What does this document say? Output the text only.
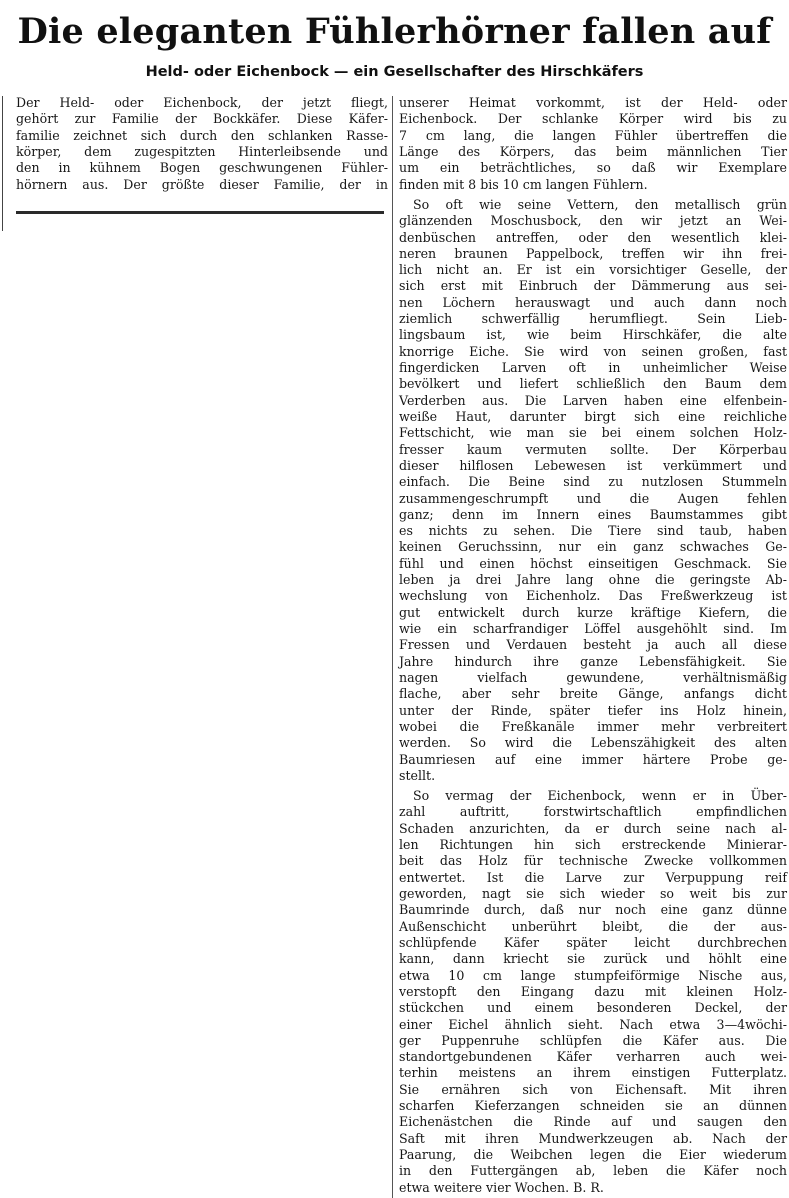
Die eleganten Fühlerhörner fallen auf
Held- oder Eichenbock — ein Gesellschafter des Hirschkäfers
Der Held- oder Eichenbock, der jetzt fliegt,
gehört zur Familie der Bockkäfer. Diese Käfer-
familie zeichnet sich durch den schlanken Rasse-
körper, dem zugespitzten Hinterleibsende und
den in kühnem Bogen geschwungenen Fühler-
hörnern aus. Der größte dieser Familie, der in
unserer Heimat vorkommt, ist der Held- oder
Eichenbock. Der schlanke Körper wird bis zu
7 cm lang, die langen Fühler übertreffen die
Länge des Körpers, das beim männlichen Tier
um ein beträchtliches, so daß wir Exemplare
finden mit 8 bis 10 cm langen Fühlern.
So oft wie seine Vettern, den metallisch grün
glänzenden Moschusbock, den wir jetzt an Wei-
denbüschen antreffen, oder den wesentlich klei-
neren braunen Pappelbock, treffen wir ihn frei-
lich nicht an. Er ist ein vorsichtiger Geselle, der
sich erst mit Einbruch der Dämmerung aus sei-
nen Löchern herauswagt und auch dann noch
ziemlich schwerfällig herumfliegt. Sein Lieb-
lingsbaum ist, wie beim Hirschkäfer, die alte
knorrige Eiche. Sie wird von seinen großen, fast
fingerdicken Larven oft in unheimlicher Weise
bevölkert und liefert schließlich den Baum dem
Verderben aus. Die Larven haben eine elfenbein-
weiße Haut, darunter birgt sich eine reichliche
Fettschicht, wie man sie bei einem solchen Holz-
fresser kaum vermuten sollte. Der Körperbau
dieser hilflosen Lebewesen ist verkümmert und
einfach. Die Beine sind zu nutzlosen Stummeln
zusammengeschrumpft und die Augen fehlen
ganz; denn im Innern eines Baumstammes gibt
es nichts zu sehen. Die Tiere sind taub, haben
keinen Geruchssinn, nur ein ganz schwaches Ge-
fühl und einen höchst einseitigen Geschmack. Sie
leben ja drei Jahre lang ohne die geringste Ab-
wechslung von Eichenholz. Das Freßwerkzeug ist
gut entwickelt durch kurze kräftige Kiefern, die
wie ein scharfrandiger Löffel ausgehöhlt sind. Im
Fressen und Verdauen besteht ja auch all diese
Jahre hindurch ihre ganze Lebensfähigkeit. Sie
nagen vielfach gewundene, verhältnismäßig
flache, aber sehr breite Gänge, anfangs dicht
unter der Rinde, später tiefer ins Holz hinein,
wobei die Freßkanäle immer mehr verbreitert
werden. So wird die Lebenszähigkeit des alten
Baumriesen auf eine immer härtere Probe ge-
stellt.
So vermag der Eichenbock, wenn er in Über-
zahl auftritt, forstwirtschaftlich empfindlichen
Schaden anzurichten, da er durch seine nach al-
len Richtungen hin sich erstreckende Minierar-
beit das Holz für technische Zwecke vollkommen
entwertet. Ist die Larve zur Verpuppung reif
geworden, nagt sie sich wieder so weit bis zur
Baumrinde durch, daß nur noch eine ganz dünne
Außenschicht unberührt bleibt, die der aus-
schlüpfende Käfer später leicht durchbrechen
kann, dann kriecht sie zurück und höhlt eine
etwa 10 cm lange stumpfeiförmige Nische aus,
verstopft den Eingang dazu mit kleinen Holz-
stückchen und einem besonderen Deckel, der
einer Eichel ähnlich sieht. Nach etwa 3—4wöchi-
ger Puppenruhe schlüpfen die Käfer aus. Die
standortgebundenen Käfer verharren auch wei-
terhin meistens an ihrem einstigen Futterplatz.
Sie ernähren sich von Eichensaft. Mit ihren
scharfen Kieferzangen schneiden sie an dünnen
Eichenästchen die Rinde auf und saugen den
Saft mit ihren Mundwerkzeugen ab. Nach der
Paarung, die Weibchen legen die Eier wiederum
in den Futtergängen ab, leben die Käfer noch
etwa weitere vier Wochen. B. R.
